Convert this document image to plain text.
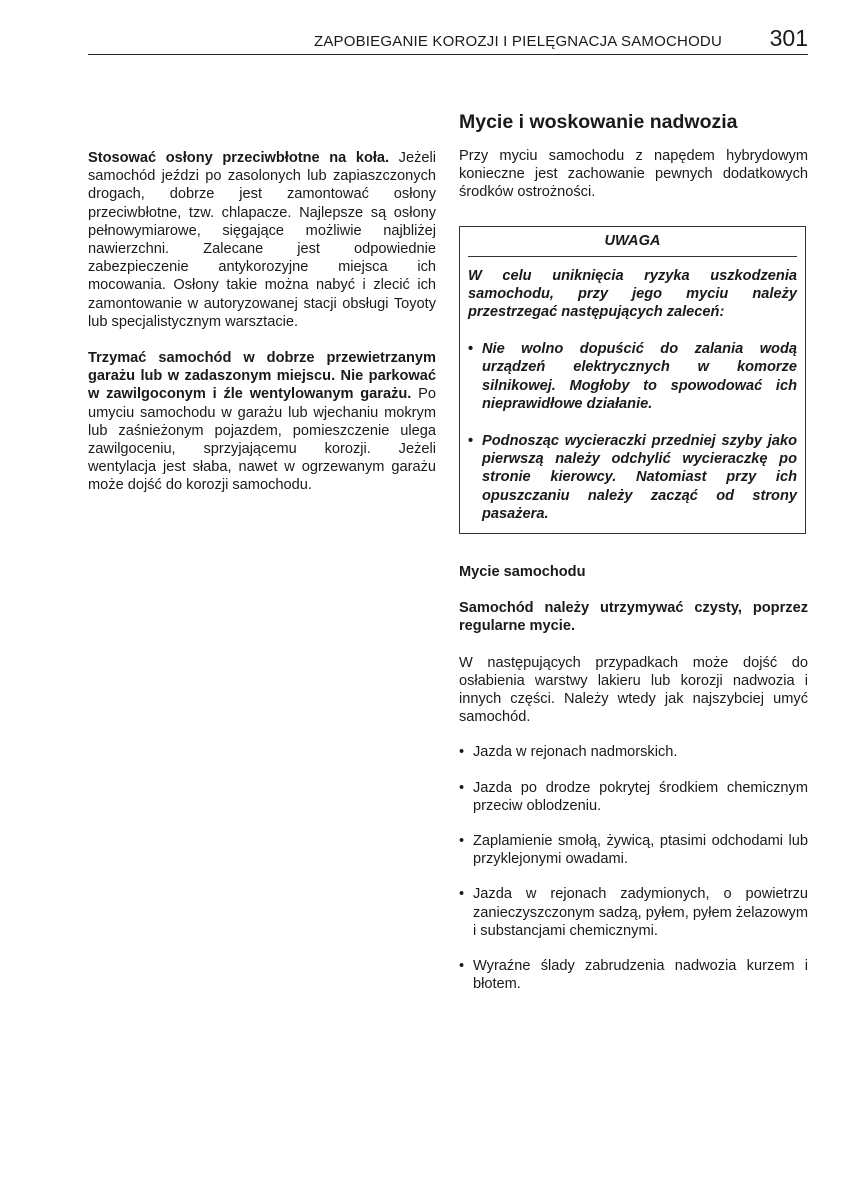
ZAPOBIEGANIE KOROZJI I PIELĘGNACJA SAMOCHODU 301

Stosować osłony przeciwbłotne na koła. Jeżeli samochód jeździ po zasolonych lub zapiaszczonych drogach, dobrze jest zamontować osłony przeciwbłotne, tzw. chlapacze. Najlepsze są osłony pełnowymiarowe, sięgające możliwie najbliżej nawierzchni. Zalecane jest odpowiednie zabezpieczenie antykorozyjne miejsca ich mocowania. Osłony takie można nabyć i zlecić ich zamontowanie w autoryzowanej stacji obsługi Toyoty lub specjalistycznym warsztacie.

Trzymać samochód w dobrze przewietrzanym garażu lub w zadaszonym miejscu. Nie parkować w zawilgoconym i źle wentylowanym garażu. Po umyciu samochodu w garażu lub wjechaniu mokrym lub zaśnieżonym pojazdem, pomieszczenie ulega zawilgoceniu, sprzyjającemu korozji. Jeżeli wentylacja jest słaba, nawet w ogrzewanym garażu może dojść do korozji samochodu.

Mycie i woskowanie nadwozia

Przy myciu samochodu z napędem hybrydowym konieczne jest zachowanie pewnych dodatkowych środków ostrożności.

UWAGA

W celu uniknięcia ryzyka uszkodzenia samochodu, przy jego myciu należy przestrzegać następujących zaleceń:

• Nie wolno dopuścić do zalania wodą urządzeń elektrycznych w komorze silnikowej. Mogłoby to spowodować ich nieprawidłowe działanie.

• Podnosząc wycieraczki przedniej szyby jako pierwszą należy odchylić wycieraczkę po stronie kierowcy. Natomiast przy ich opuszczaniu należy zacząć od strony pasażera.

Mycie samochodu

Samochód należy utrzymywać czysty, poprzez regularne mycie.

W następujących przypadkach może dojść do osłabienia warstwy lakieru lub korozji nadwozia i innych części. Należy wtedy jak najszybciej umyć samochód.

• Jazda w rejonach nadmorskich.

• Jazda po drodze pokrytej środkiem chemicznym przeciw oblodzeniu.

• Zaplamienie smołą, żywicą, ptasimi odchodami lub przyklejonymi owadami.

• Jazda w rejonach zadymionych, o powietrzu zanieczyszczonym sadzą, pyłem, pyłem żelazowym i substancjami chemicznymi.

• Wyraźne ślady zabrudzenia nadwozia kurzem i błotem.
